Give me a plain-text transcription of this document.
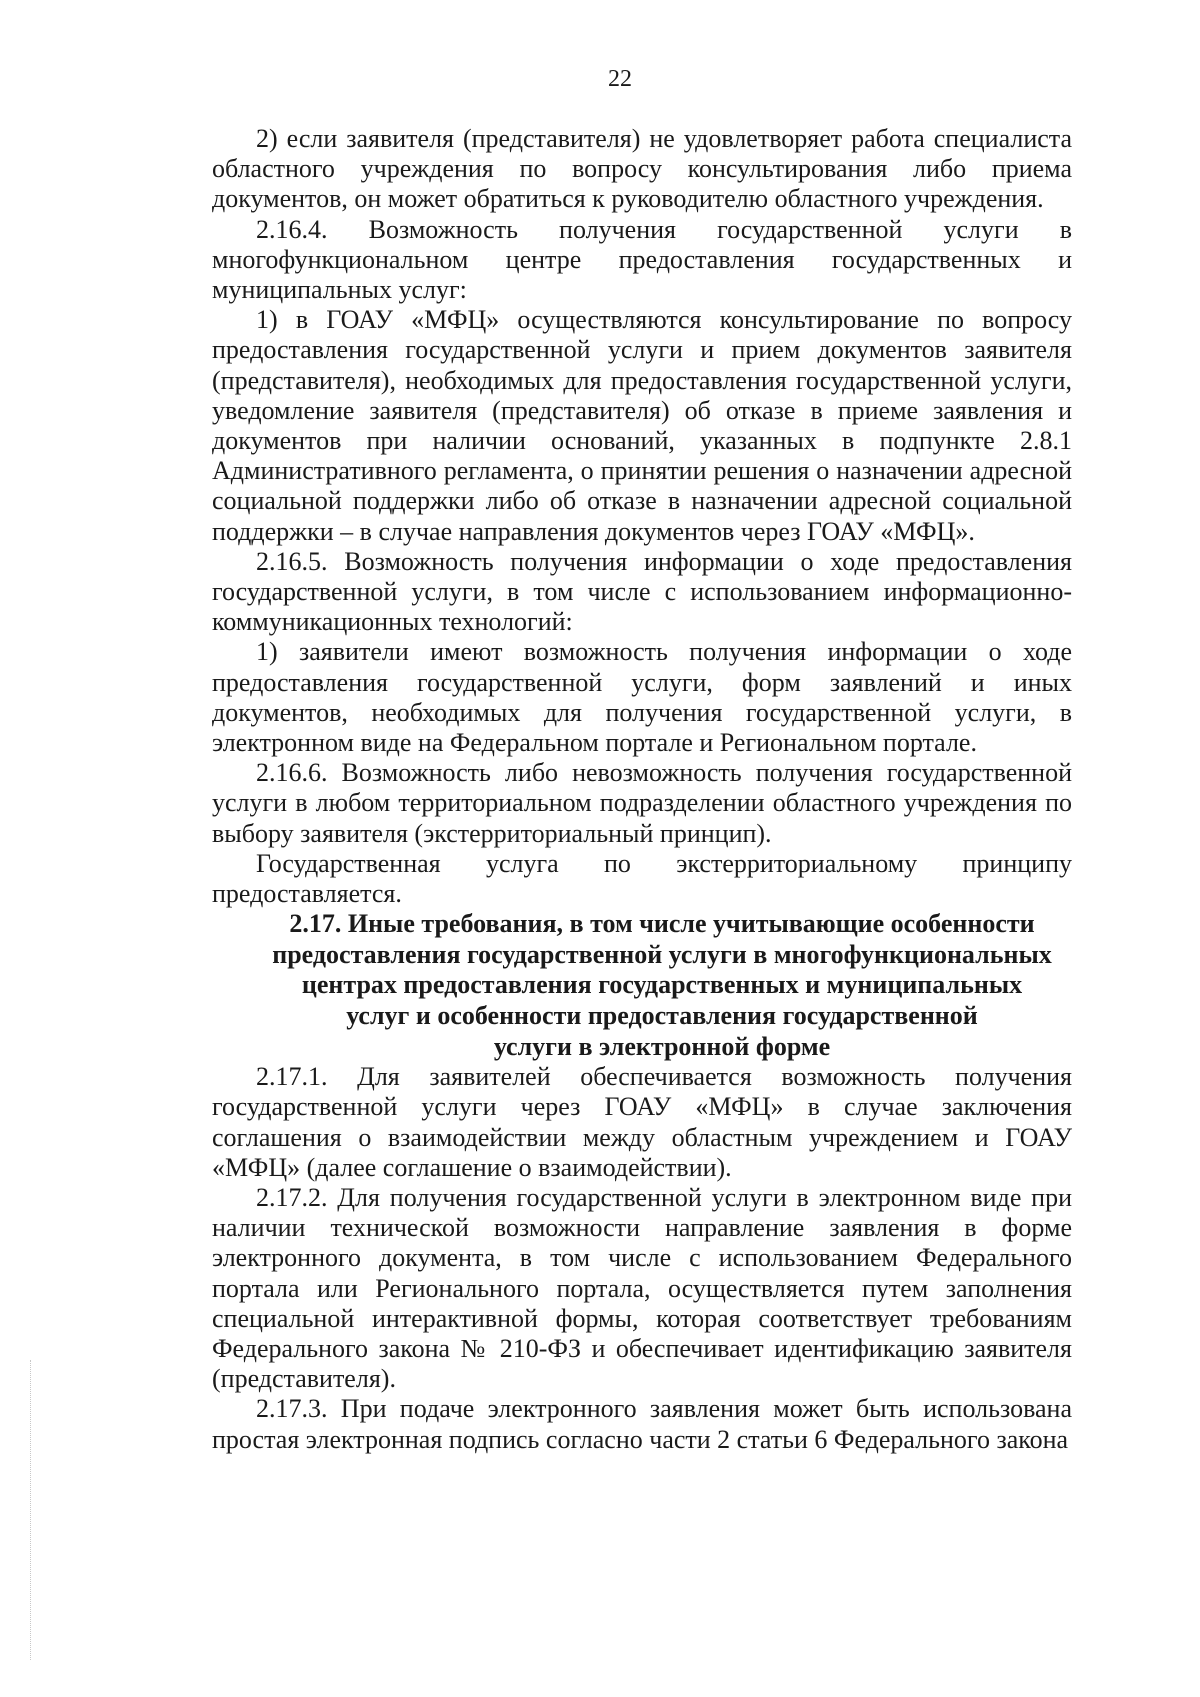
22

2) если заявителя (представителя) не удовлетворяет работа специалиста областного учреждения по вопросу консультирования либо приема документов, он может обратиться к руководителю областного учреждения.

2.16.4. Возможность получения государственной услуги в многофункциональном центре предоставления государственных и муниципальных услуг:

1) в ГОАУ «МФЦ» осуществляются консультирование по вопросу предоставления государственной услуги и прием документов заявителя (представителя), необходимых для предоставления государственной услуги, уведомление заявителя (представителя) об отказе в приеме заявления и документов при наличии оснований, указанных в подпункте 2.8.1 Административного регламента, о принятии решения о назначении адресной социальной поддержки либо об отказе в назначении адресной социальной поддержки – в случае направления документов через ГОАУ «МФЦ».

2.16.5. Возможность получения информации о ходе предоставления государственной услуги, в том числе с использованием информационно-коммуникационных технологий:

1) заявители имеют возможность получения информации о ходе предоставления государственной услуги, форм заявлений и иных документов, необходимых для получения государственной услуги, в электронном виде на Федеральном портале и Региональном портале.

2.16.6. Возможность либо невозможность получения государственной услуги в любом территориальном подразделении областного учреждения по выбору заявителя (экстерриториальный принцип).

Государственная услуга по экстерриториальному принципу предоставляется.

2.17. Иные требования, в том числе учитывающие особенности

предоставления государственной услуги в многофункциональных

центрах предоставления государственных и муниципальных

услуг и особенности предоставления государственной

услуги в электронной форме

2.17.1. Для заявителей обеспечивается возможность получения государственной услуги через ГОАУ «МФЦ» в случае заключения соглашения о взаимодействии между областным учреждением и ГОАУ «МФЦ» (далее соглашение о взаимодействии).

2.17.2. Для получения государственной услуги в электронном виде при наличии технической возможности направление заявления в форме электронного документа, в том числе с использованием Федерального портала или Регионального портала, осуществляется путем заполнения специальной интерактивной формы, которая соответствует требованиям Федерального закона № 210-ФЗ и обеспечивает идентификацию заявителя (представителя).

2.17.3. При подаче электронного заявления может быть использована простая электронная подпись согласно части 2 статьи 6 Федерального закона
